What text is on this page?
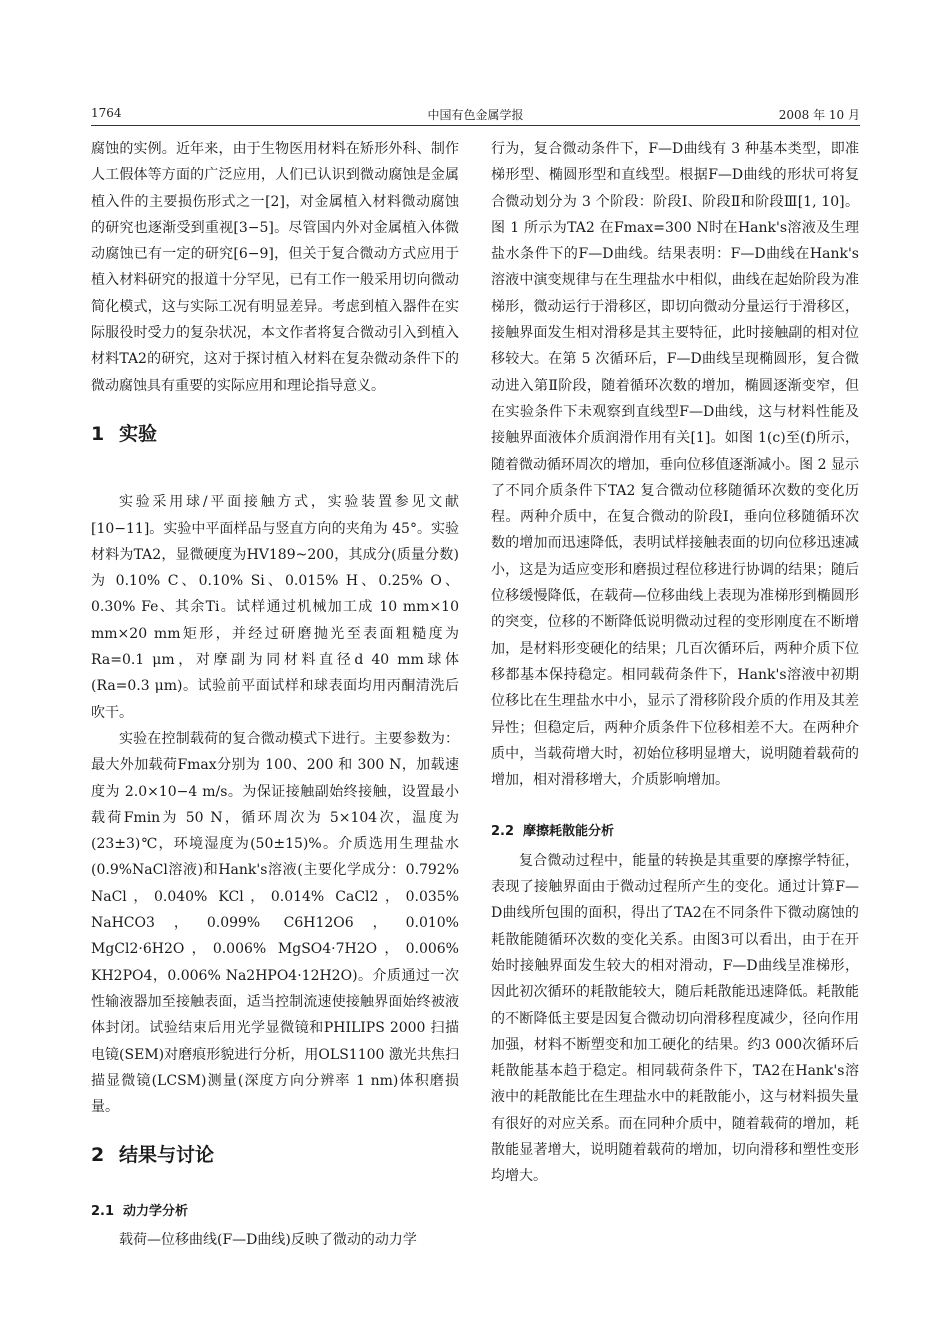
1764	中国有色金属学报	2008 年 10 月

腐蚀的实例。近年来，由于生物医用材料在矫形外科、制作人工假体等方面的广泛应用，人们已认识到微动腐蚀是金属植入件的主要损伤形式之一[2]，对金属植入材料微动腐蚀的研究也逐渐受到重视[3−5]。尽管国内外对金属植入体微动腐蚀已有一定的研究[6−9]，但关于复合微动方式应用于植入材料研究的报道十分罕见，已有工作一般采用切向微动简化模式，这与实际工况有明显差异。考虑到植入器件在实际服役时受力的复杂状况，本文作者将复合微动引入到植入材料TA2的研究，这对于探讨植入材料在复杂微动条件下的微动腐蚀具有重要的实际应用和理论指导意义。

1 实验

实验采用球/平面接触方式，实验装置参见文献[10−11]。实验中平面样品与竖直方向的夹角为 45°。实验材料为TA2，显微硬度为HV189~200，其成分(质量分数)为 0.10% C、0.10% Si、0.015% H、0.25% O、0.30% Fe、其余Ti。试样通过机械加工成 10 mm×10 mm×20 mm矩形，并经过研磨抛光至表面粗糙度为Ra=0.1 μm，对摩副为同材料直径d 40 mm球体(Ra=0.3 μm)。试验前平面试样和球表面均用丙酮清洗后吹干。

实验在控制载荷的复合微动模式下进行。主要参数为：最大外加载荷Fmax分别为 100、200 和 300 N，加载速度为 2.0×10−4 m/s。为保证接触副始终接触，设置最小载荷Fmin为 50 N，循环周次为 5×104次，温度为(23±3)℃，环境湿度为(50±15)%。介质选用生理盐水(0.9%NaCl溶液)和Hank's溶液(主要化学成分：0.792% NaCl，0.040% KCl，0.014% CaCl2，0.035% NaHCO3，0.099% C6H12O6，0.010% MgCl2·6H2O，0.006% MgSO4·7H2O，0.006% KH2PO4，0.006% Na2HPO4·12H2O)。介质通过一次性输液器加至接触表面，适当控制流速使接触界面始终被液体封闭。试验结束后用光学显微镜和PHILIPS 2000 扫描电镜(SEM)对磨痕形貌进行分析，用OLS1100 激光共焦扫描显微镜(LCSM)测量(深度方向分辨率 1 nm)体积磨损量。

2 结果与讨论
2.1 动力学分析

载荷—位移曲线(F—D曲线)反映了微动的动力学

行为，复合微动条件下，F—D曲线有 3 种基本类型，即准梯形型、椭圆形型和直线型。根据F—D曲线的形状可将复合微动划分为 3 个阶段：阶段Ⅰ、阶段Ⅱ和阶段Ⅲ[1, 10]。图 1 所示为TA2 在Fmax=300 N时在Hank's溶液及生理盐水条件下的F—D曲线。结果表明：F—D曲线在Hank's溶液中演变规律与在生理盐水中相似，曲线在起始阶段为准梯形，微动运行于滑移区，即切向微动分量运行于滑移区，接触界面发生相对滑移是其主要特征，此时接触副的相对位移较大。在第 5 次循环后，F—D曲线呈现椭圆形，复合微动进入第Ⅱ阶段，随着循环次数的增加，椭圆逐渐变窄，但在实验条件下未观察到直线型F—D曲线，这与材料性能及接触界面液体介质润滑作用有关[1]。如图 1(c)至(f)所示，随着微动循环周次的增加，垂向位移值逐渐减小。图 2 显示了不同介质条件下TA2 复合微动位移随循环次数的变化历程。两种介质中，在复合微动的阶段Ⅰ，垂向位移随循环次数的增加而迅速降低，表明试样接触表面的切向位移迅速减小，这是为适应变形和磨损过程位移进行协调的结果；随后位移缓慢降低，在载荷—位移曲线上表现为准梯形到椭圆形的突变，位移的不断降低说明微动过程的变形刚度在不断增加，是材料形变硬化的结果；几百次循环后，两种介质下位移都基本保持稳定。相同载荷条件下，Hank's溶液中初期位移比在生理盐水中小，显示了滑移阶段介质的作用及其差异性；但稳定后，两种介质条件下位移相差不大。在两种介质中，当载荷增大时，初始位移明显增大，说明随着载荷的增加，相对滑移增大，介质影响增加。

2.2 摩擦耗散能分析

复合微动过程中，能量的转换是其重要的摩擦学特征，表现了接触界面由于微动过程所产生的变化。通过计算F—D曲线所包围的面积，得出了TA2在不同条件下微动腐蚀的耗散能随循环次数的变化关系。由图3可以看出，由于在开始时接触界面发生较大的相对滑动，F—D曲线呈准梯形，因此初次循环的耗散能较大，随后耗散能迅速降低。耗散能的不断降低主要是因复合微动切向滑移程度减少，径向作用加强，材料不断塑变和加工硬化的结果。约3 000次循环后耗散能基本趋于稳定。相同载荷条件下，TA2在Hank's溶液中的耗散能比在生理盐水中的耗散能小，这与材料损失量有很好的对应关系。而在同种介质中，随着载荷的增加，耗散能显著增大，说明随着载荷的增加，切向滑移和塑性变形均增大。
